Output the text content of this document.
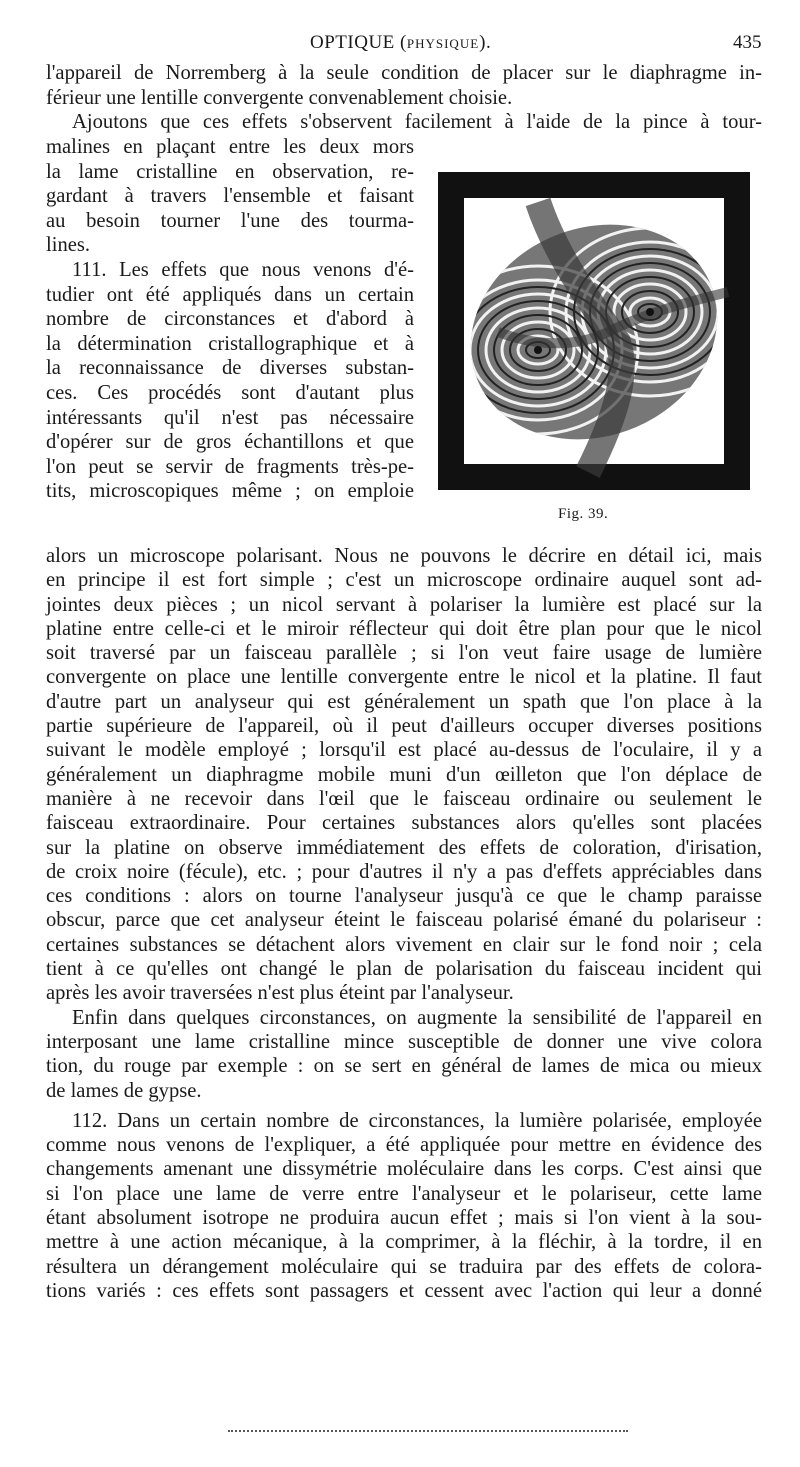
OPTIQUE (PHYSIQUE).	435
l'appareil de Norremberg à la seule condition de placer sur le diaphragme in-
férieur une lentille convergente convenablement choisie.
Ajoutons que ces effets s'observent facilement à l'aide de la pince à tour-
malines en plaçant entre les deux mors
la lame cristalline en observation, re-
gardant à travers l'ensemble et faisant
au besoin tourner l'une des tourma-
lines.
111. Les effets que nous venons d'é-
tudier ont été appliqués dans un certain
nombre de circonstances et d'abord à
la détermination cristallographique et à
la reconnaissance de diverses substan-
ces. Ces procédés sont d'autant plus
intéressants qu'il n'est pas nécessaire
d'opérer sur de gros échantillons et que
l'on peut se servir de fragments très-pe-
tits, microscopiques même ; on emploie
Fig. 39.
alors un microscope polarisant. Nous ne pouvons le décrire en détail ici, mais
en principe il est fort simple ; c'est un microscope ordinaire auquel sont ad-
jointes deux pièces ; un nicol servant à polariser la lumière est placé sur la
platine entre celle-ci et le miroir réflecteur qui doit être plan pour que le nicol
soit traversé par un faisceau parallèle ; si l'on veut faire usage de lumière
convergente on place une lentille convergente entre le nicol et la platine. Il faut
d'autre part un analyseur qui est généralement un spath que l'on place à la
partie supérieure de l'appareil, où il peut d'ailleurs occuper diverses positions
suivant le modèle employé ; lorsqu'il est placé au-dessus de l'oculaire, il y a
généralement un diaphragme mobile muni d'un œilleton que l'on déplace de
manière à ne recevoir dans l'œil que le faisceau ordinaire ou seulement le
faisceau extraordinaire. Pour certaines substances alors qu'elles sont placées
sur la platine on observe immédiatement des effets de coloration, d'irisation,
de croix noire (fécule), etc. ; pour d'autres il n'y a pas d'effets appréciables dans
ces conditions : alors on tourne l'analyseur jusqu'à ce que le champ paraisse
obscur, parce que cet analyseur éteint le faisceau polarisé émané du polariseur :
certaines substances se détachent alors vivement en clair sur le fond noir ; cela
tient à ce qu'elles ont changé le plan de polarisation du faisceau incident qui
après les avoir traversées n'est plus éteint par l'analyseur.
Enfin dans quelques circonstances, on augmente la sensibilité de l'appareil en
interposant une lame cristalline mince susceptible de donner une vive colora
tion, du rouge par exemple : on se sert en général de lames de mica ou mieux
de lames de gypse.
112. Dans un certain nombre de circonstances, la lumière polarisée, employée
comme nous venons de l'expliquer, a été appliquée pour mettre en évidence des
changements amenant une dissymétrie moléculaire dans les corps. C'est ainsi que
si l'on place une lame de verre entre l'analyseur et le polariseur, cette lame
étant absolument isotrope ne produira aucun effet ; mais si l'on vient à la sou-
mettre à une action mécanique, à la comprimer, à la fléchir, à la tordre, il en
résultera un dérangement moléculaire qui se traduira par des effets de colora-
tions variés : ces effets sont passagers et cessent avec l'action qui leur a donné
